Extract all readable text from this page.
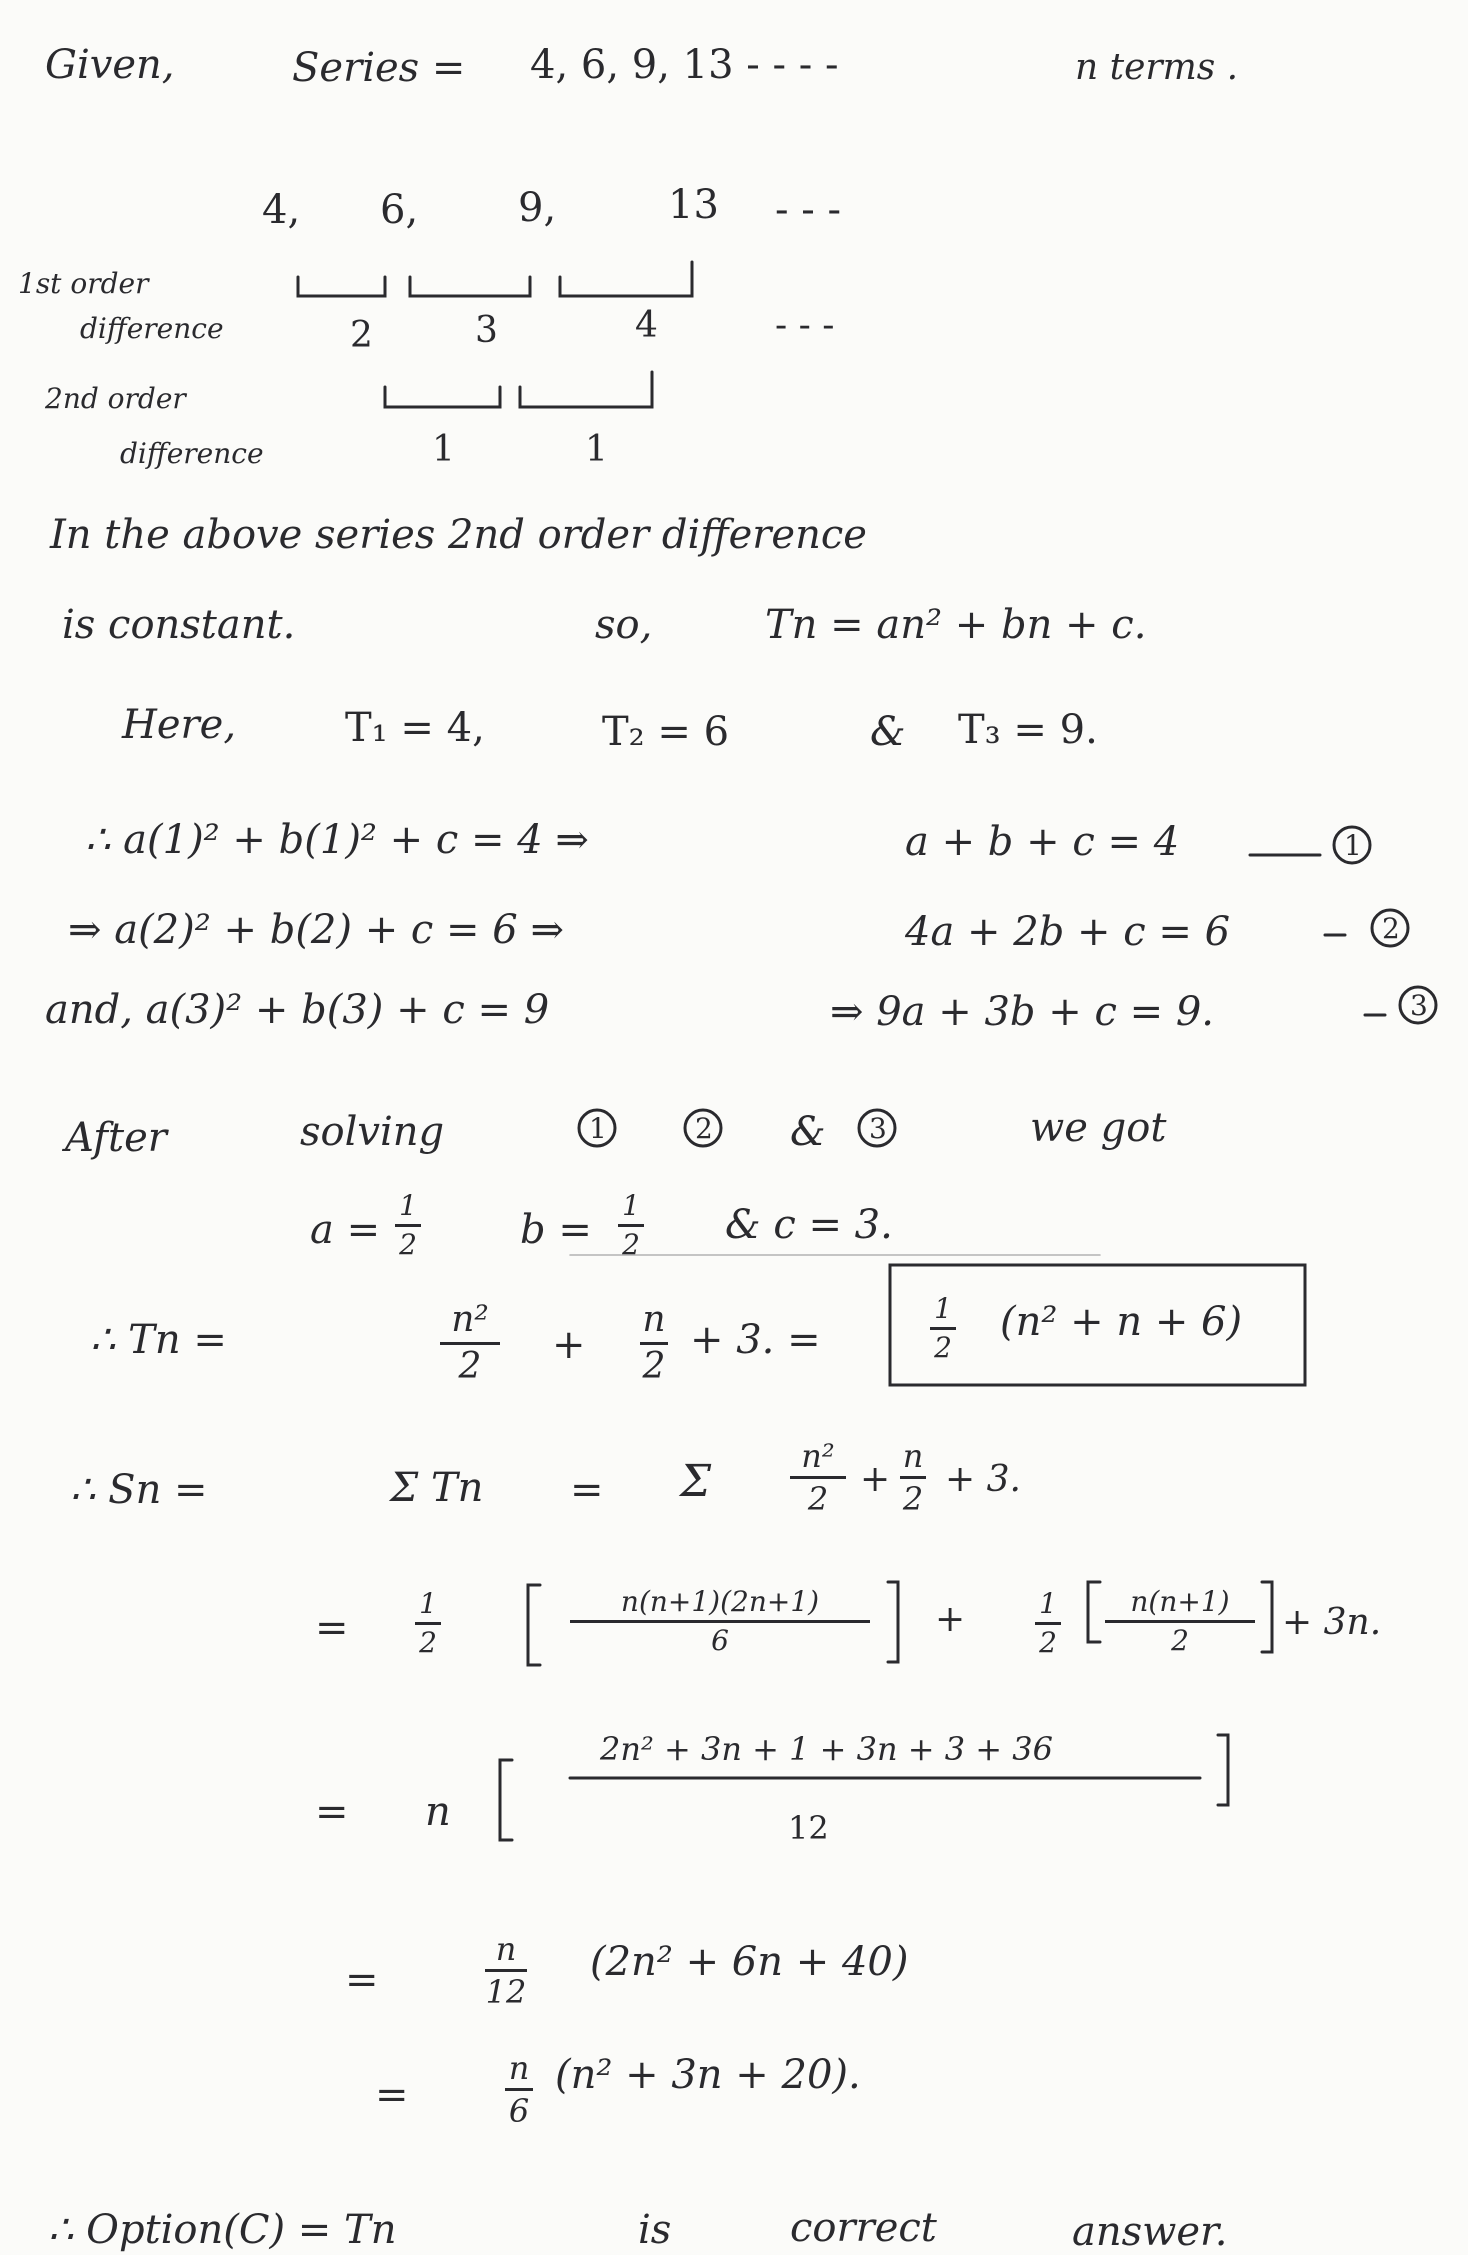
Given,	Series = 4, 6, 9, 13 - - - -	n terms .
4, 6, 9,	13 - - -
1st order
difference	2	3	4	- - -
2nd order
difference	1	1
In the above series 2nd order difference
is constant.	so,	Tn = an² + bn + c.
Here,	T₁ = 4,	T₂ = 6	& T₃ = 9.
∴ a(1)² + b(1)² + c = 4 ⇒	a + b + c = 4	1
⇒ a(2)² + b(2) + c = 6 ⇒	4a + 2b + c = 6	2
and, a(3)² + b(3) + c = 9	⇒ 9a + 3b + c = 9.	3
After	solving	1	2 & 3	we got
a =
1
2	b =
1
2 & c = 3.
∴ Tn =	n²
2	+
n
2
+ 3. =
1
2
(n² + n + 6)
∴ Sn =	Σ Tn = Σ	n²
2 +
n
2 + 3.
=
1
2
n(n+1)(2n+1)
6
+	1
2
n(n+1)
2	+ 3n.
= n
2n² + 3n + 1 + 3n + 3 + 36
12
=
n
12
(2n² + 6n + 40)
=
n
6
(n² + 3n + 20).
∴ Option(C) = Tn	is	correct	answer.
